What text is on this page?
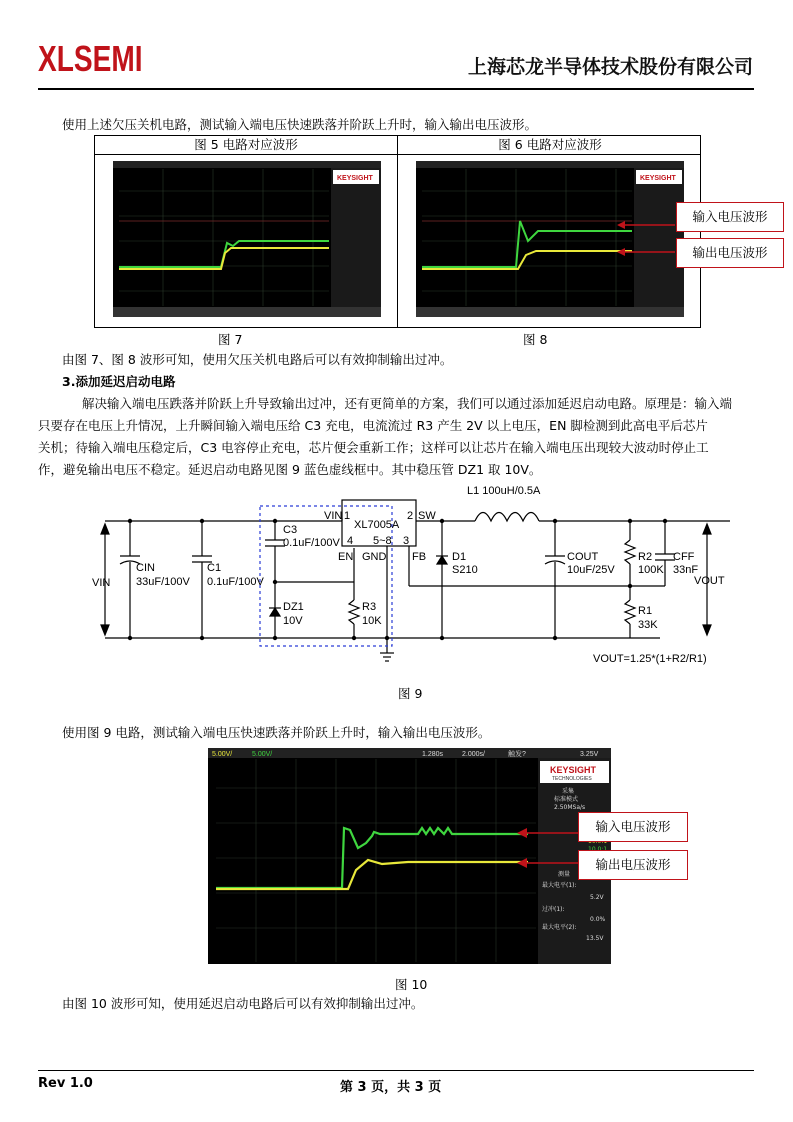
XLSEMI	上海芯龙半导体技术股份有限公司
使用上述欠压关机电路，测试输入端电压快速跌落并阶跃上升时，输入输出电压波形。
图 5 电路对应波形	图 6 电路对应波形
KEYSIGHT	KEYSIGHT
输入电压波形
输出电压波形
图 7	图 8
由图 7、图 8 波形可知，使用欠压关机电路后可以有效抑制输出过冲。
3.添加延迟启动电路
解决输入端电压跌落并阶跃上升导致输出过冲，还有更简单的方案，我们可以通过添加延迟启动电路。原理是：输入端
只要存在电压上升情况，上升瞬间输入端电压给 C3 充电，电流流过 R3 产生 2V 以上电压，EN 脚检测到此高电平后芯片
关机；待输入端电压稳定后，C3 电容停止充电，芯片便会重新工作；这样可以让芯片在输入端电压出现较大波动时停止工
作，避免输出电压不稳定。延迟启动电路见图 9 蓝色虚线框中。其中稳压管 DZ1 取 10V。
VIN
CIN
33uF/100V
C1
0.1uF/100V
C3
0.1uF/100V
DZ1
10V
R3
10K
VIN 1
XL7005A
2 SW
4 5~8 3
EN GND FB
L1 100uH/0.5A
D1
S210
COUT
10uF/25V
R2
100K
CFF
33nF
R1
33K
VOUT
VOUT=1.25*(1+R2/R1)
图 9
使用图 9 电路，测试输入端电压快速跌落并阶跃上升时，输入输出电压波形。
5.00V/	5.00V/	1.280s	2.000s/	触发?	3.25V
KEYSIGHT
TECHNOLOGIES
采集
标准模式
2.50MSa/s
测量
最大电平(1):
5.2V
过冲(1):
0.0%
最大电平(2):
13.5V
输入电压波形
输出电压波形
图 10
由图 10 波形可知，使用延迟启动电路后可以有效抑制输出过冲。
Rev 1.0	第 3 页，共 3 页
